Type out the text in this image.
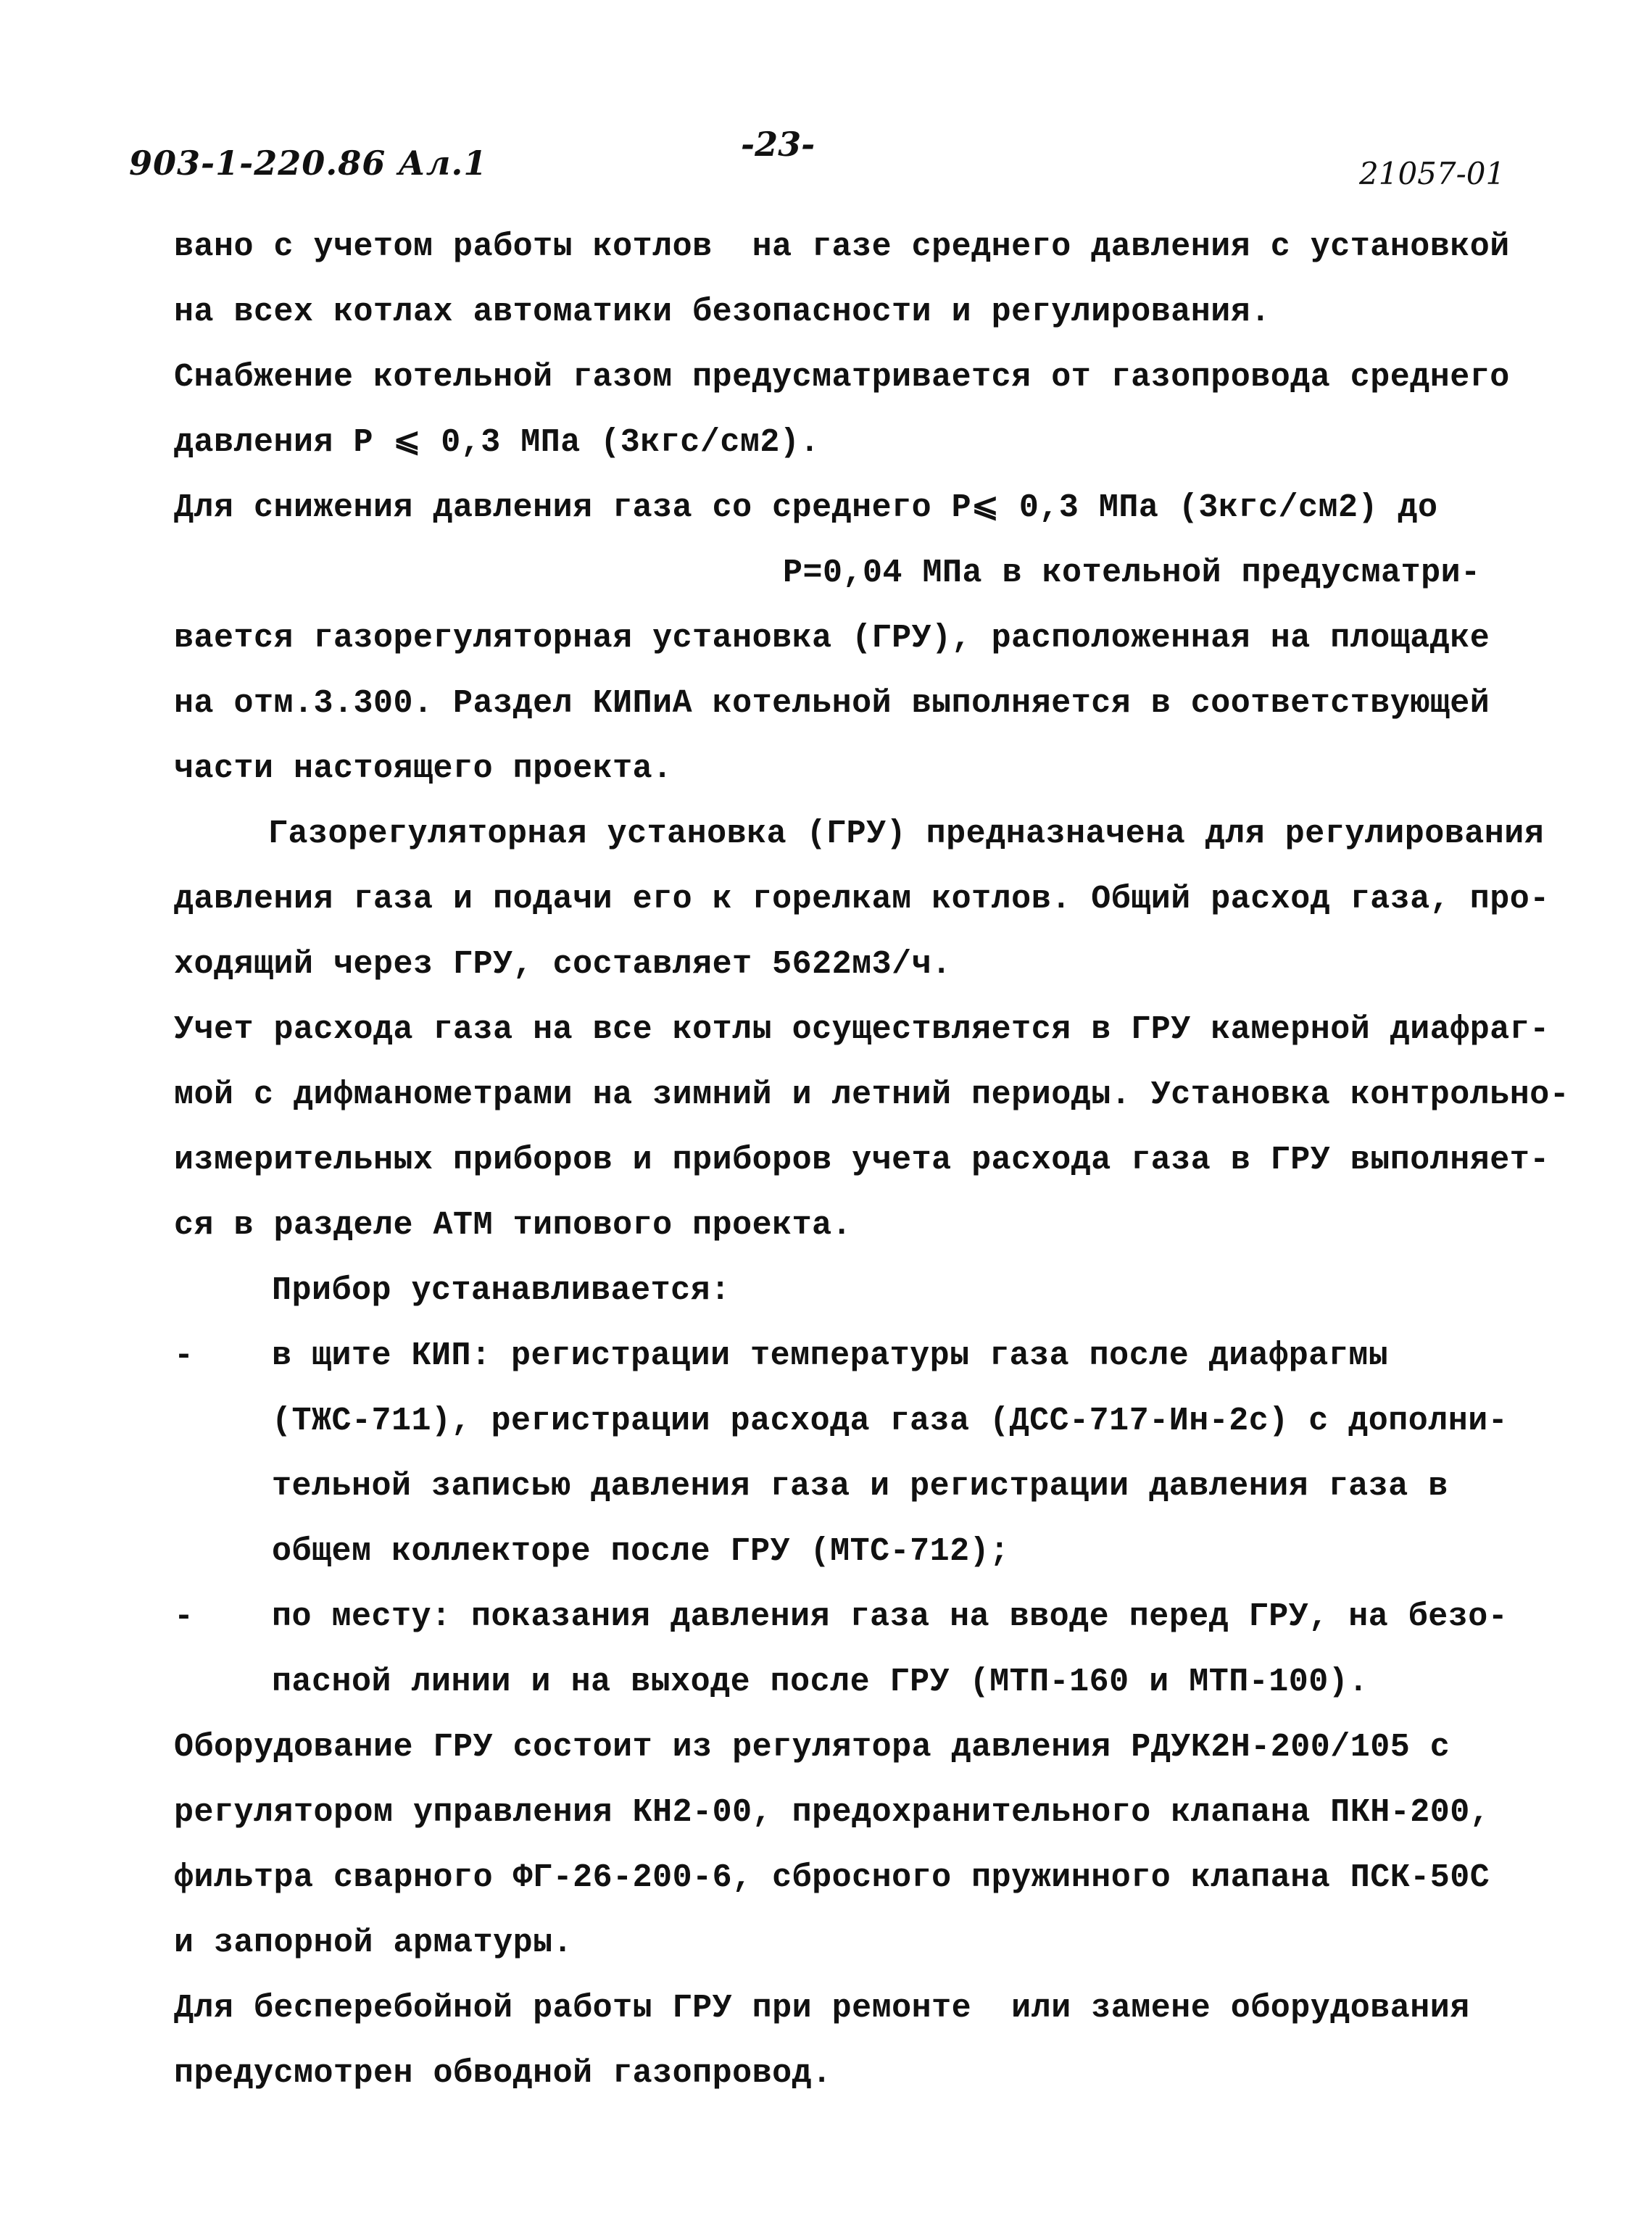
903-1-220.86 Ал.1	-23-
21057-01
вано с учетом работы котлов  на газе среднего давления с установкой
на всех котлах автоматики безопасности и регулирования.
Снабжение котельной газом предусматривается от газопровода среднего
давления Р ⩽ 0,3 МПа (3кгс/см2).
Для снижения давления газа со среднего Р⩽ 0,3 МПа (3кгс/см2) до
Р=0,04 МПа в котельной предусматри-
вается газорегуляторная установка (ГРУ), расположенная на площадке
на отм.3.300. Раздел КИПиА котельной выполняется в соответствующей
части настоящего проекта.
Газорегуляторная установка (ГРУ) предназначена для регулирования
давления газа и подачи его к горелкам котлов. Общий расход газа, про-
ходящий через ГРУ, составляет 5622м3/ч.
Учет расхода газа на все котлы осуществляется в ГРУ камерной диафраг-
мой с дифманометрами на зимний и летний периоды. Установка контрольно-
измерительных приборов и приборов учета расхода газа в ГРУ выполняет-
ся в разделе АТМ типового проекта.
Прибор устанавливается:
- в щите КИП: регистрации температуры газа после диафрагмы
(ТЖС-711), регистрации расхода газа (ДСС-717-Ин-2с) с дополни-
тельной записью давления газа и регистрации давления газа в
общем коллекторе после ГРУ (МТС-712);
- по месту: показания давления газа на вводе перед ГРУ, на безо-
пасной линии и на выходе после ГРУ (МТП-160 и МТП-100).
Оборудование ГРУ состоит из регулятора давления РДУК2Н-200/105 с
регулятором управления КН2-00, предохранительного клапана ПКН-200,
фильтра сварного ФГ-26-200-6, сбросного пружинного клапана ПСК-50С
и запорной арматуры.
Для бесперебойной работы ГРУ при ремонте  или замене оборудования
предусмотрен обводной газопровод.
